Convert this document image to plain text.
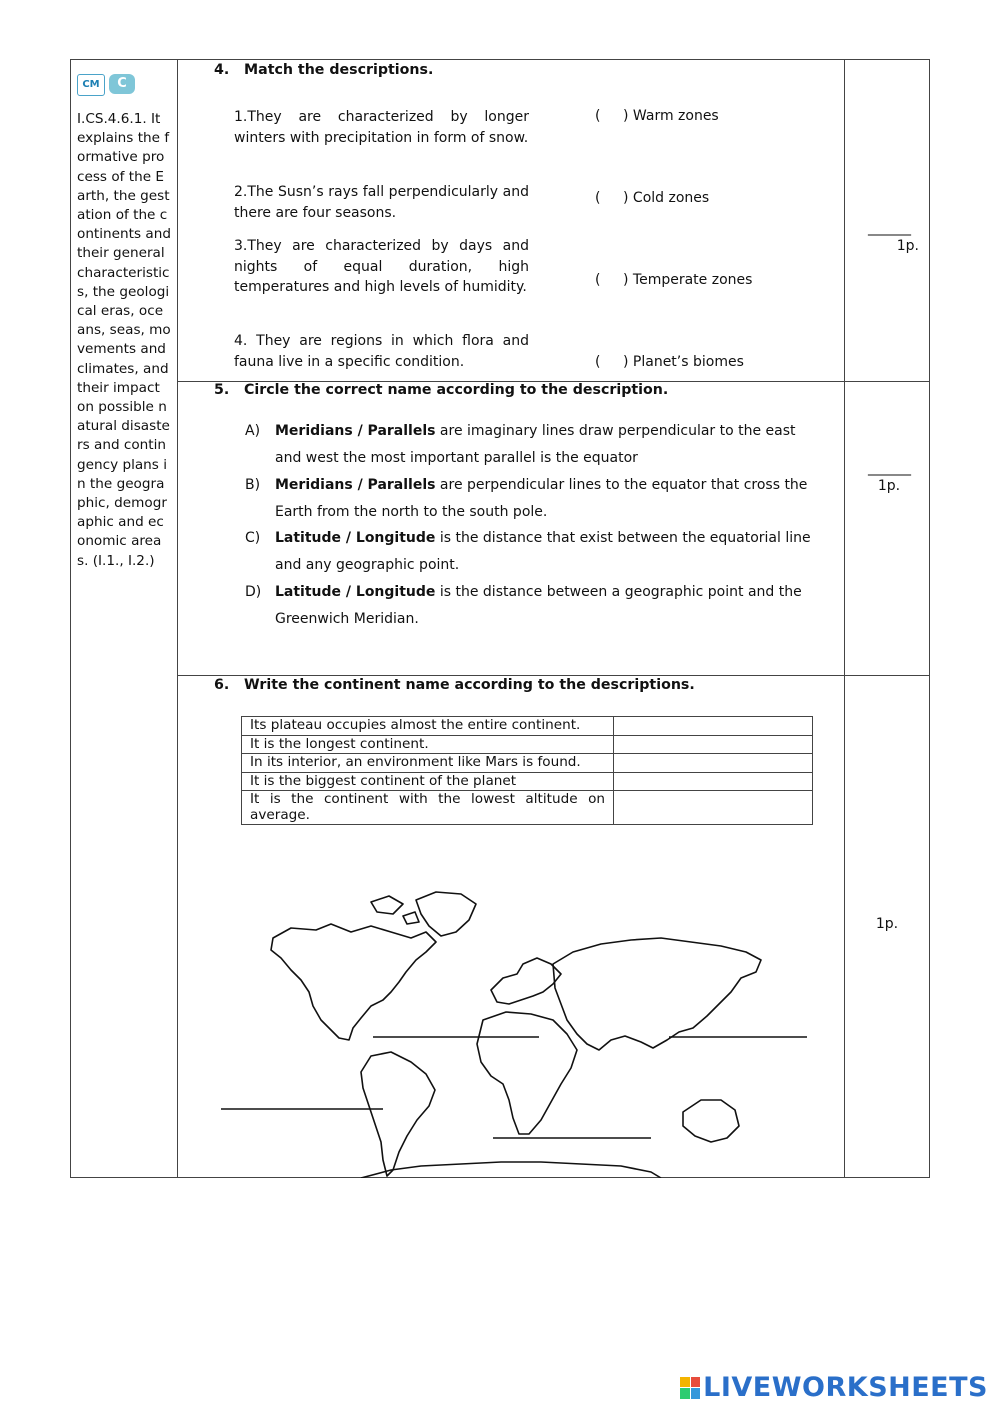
CM	C
I.CS.4.6.1. It explains the formative process of the Earth, the gestation of the continents and their general characteristics, the geological eras, oceans, seas, movements and climates, and their impact on possible natural disasters and contingency plans in the geographic, demographic and economic areas. (I.1., I.2.)
4. Match the descriptions.
1.They are characterized by longer winters with precipitation in form of snow.
2.The Susn’s rays fall perpendicularly and there are four seasons.
3.They are characterized by days and nights of equal duration, high temperatures and high levels of humidity.
4. They are regions in which flora and fauna live in a specific condition.
( ) Warm zones
( ) Cold zones
( ) Temperate zones
( ) Planet’s biomes
_______
1p.
5. Circle the correct name according to the description.
A) Meridians / Parallels are imaginary lines draw perpendicular to the east and west the most important parallel is the equator
B) Meridians / Parallels are perpendicular lines to the equator that cross the Earth from the north to the south pole.
C) Latitude / Longitude is the distance that exist between the equatorial line and any geographic point.
D) Latitude / Longitude is the distance between a geographic point and the Greenwich Meridian.
_______
1p.
6. Write the continent name according to the descriptions.
Its plateau occupies almost the entire continent.	
It is the longest continent.	
In its interior, an environment like Mars is found.	
It is the biggest continent of the planet	
It is the continent with the lowest altitude on average.	
1p.
LIVEWORKSHEETS
